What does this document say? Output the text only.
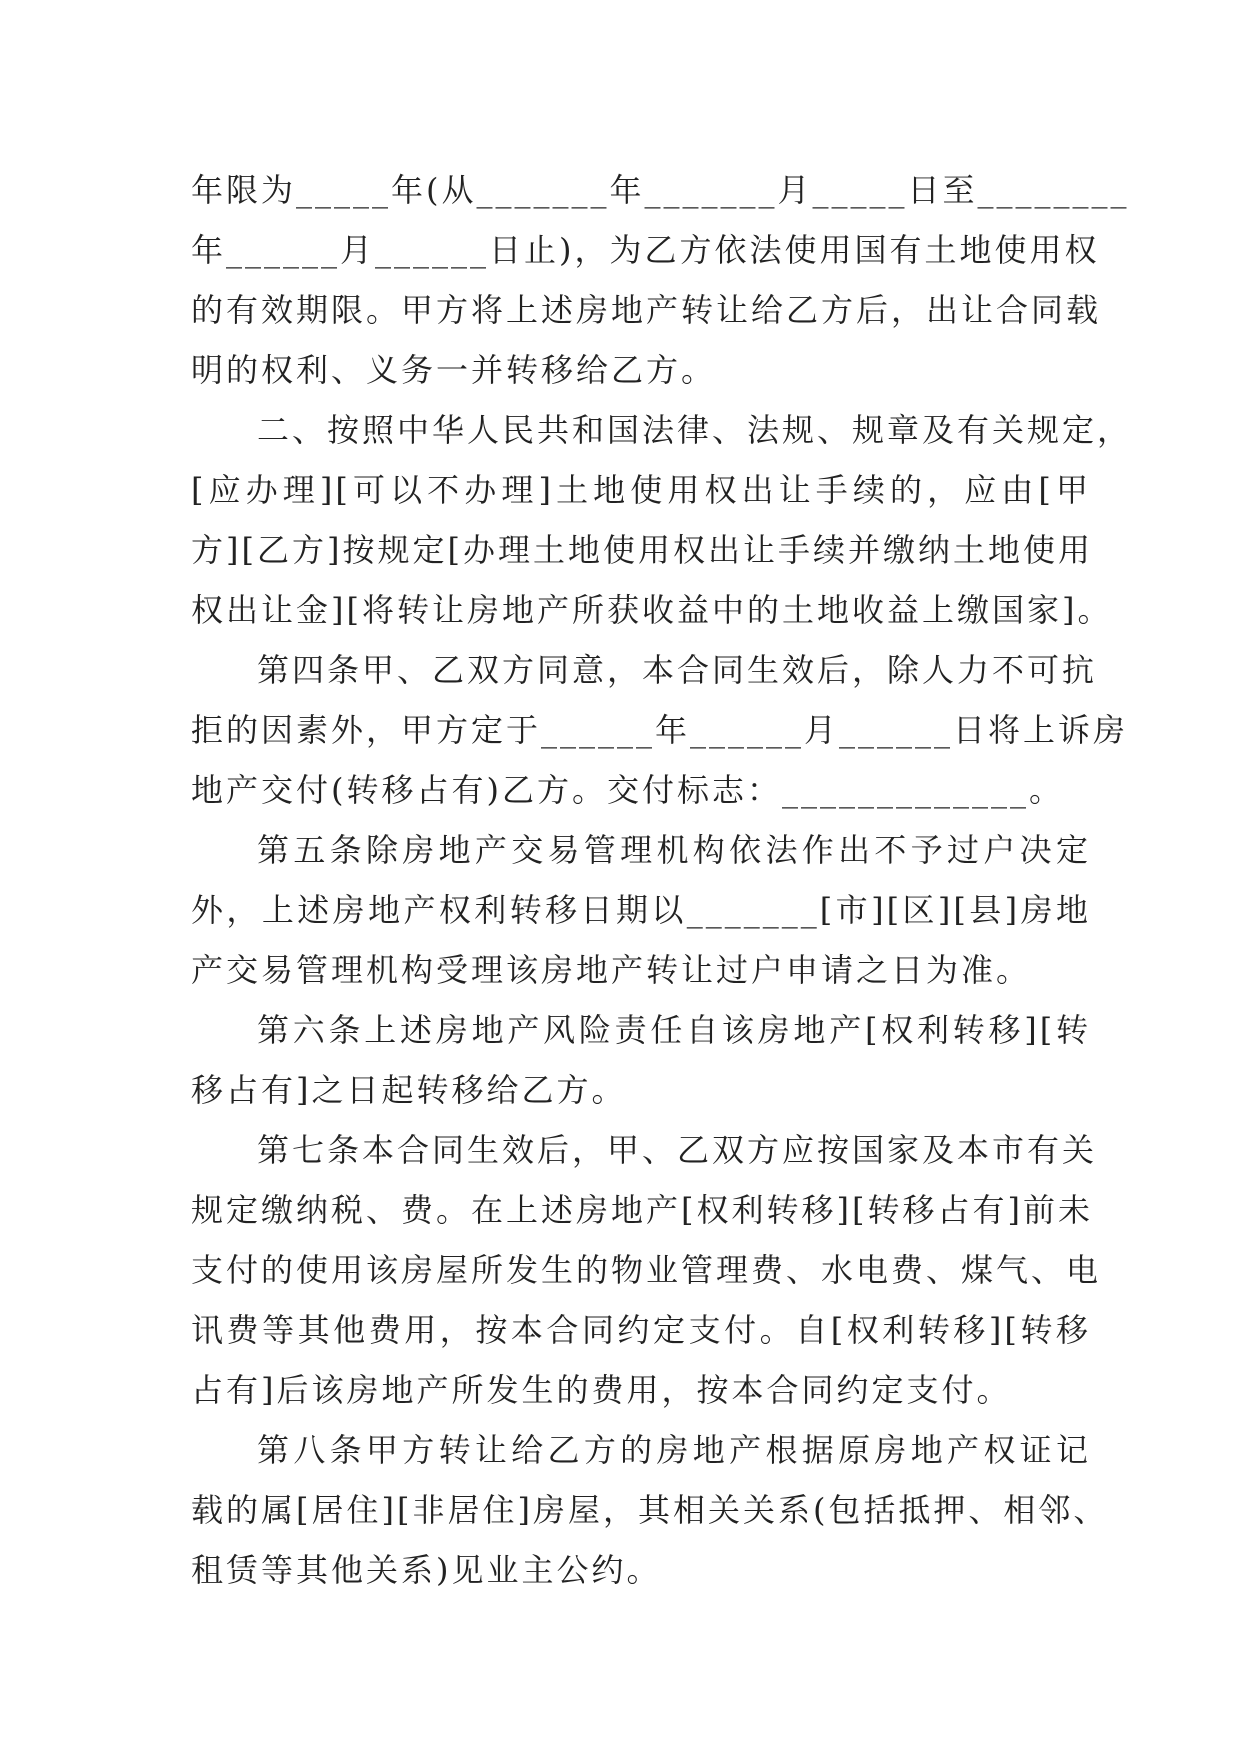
年限为_____年(从_______年_______月_____日至________
年______月______日止)，为乙方依法使用国有土地使用权
的有效期限。甲方将上述房地产转让给乙方后，出让合同载
明的权利、义务一并转移给乙方。
二、按照中华人民共和国法律、法规、规章及有关规定，
[应办理][可以不办理]土地使用权出让手续的，应由[甲
方][乙方]按规定[办理土地使用权出让手续并缴纳土地使用
权出让金][将转让房地产所获收益中的土地收益上缴国家]。
第四条甲、乙双方同意，本合同生效后，除人力不可抗
拒的因素外，甲方定于______年______月______日将上诉房
地产交付(转移占有)乙方。交付标志：_____________。
第五条除房地产交易管理机构依法作出不予过户决定
外，上述房地产权利转移日期以_______[市][区][县]房地
产交易管理机构受理该房地产转让过户申请之日为准。
第六条上述房地产风险责任自该房地产[权利转移][转
移占有]之日起转移给乙方。
第七条本合同生效后，甲、乙双方应按国家及本市有关
规定缴纳税、费。在上述房地产[权利转移][转移占有]前未
支付的使用该房屋所发生的物业管理费、水电费、煤气、电
讯费等其他费用，按本合同约定支付。自[权利转移][转移
占有]后该房地产所发生的费用，按本合同约定支付。
第八条甲方转让给乙方的房地产根据原房地产权证记
载的属[居住][非居住]房屋，其相关关系(包括抵押、相邻、
租赁等其他关系)见业主公约。
